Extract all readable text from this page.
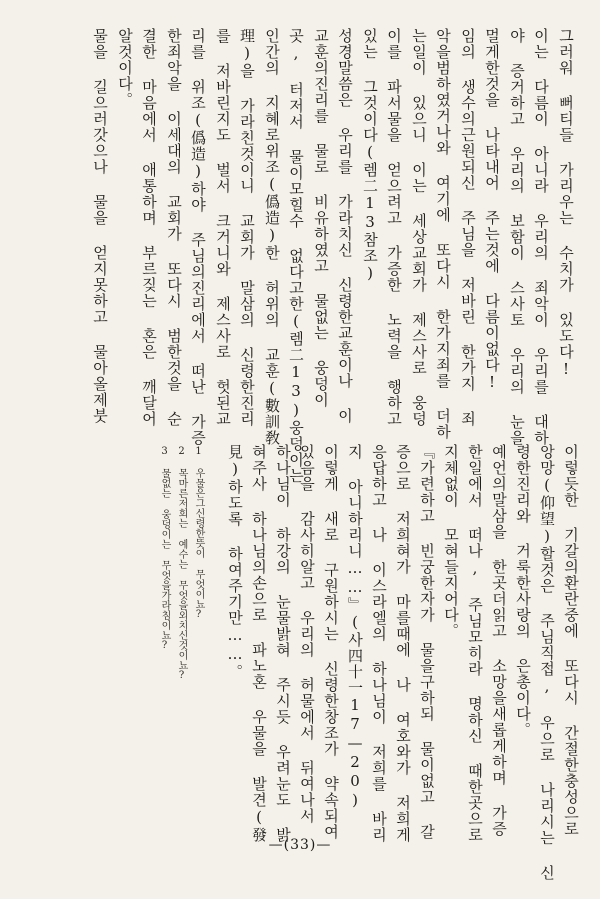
그러워 뻐티들 가리우는 수치가 있도다!
이는 다름이 아니라 우리의 죄악이 우리를 대하
야 증거하고 우리의 보함이 스사토 우리의 눈을
멀게한것을 나타내어 주는것에 다름이없다!
임의 생수의근원되신 주님을 저바린 한가지 죄
악을범하였거나와 여기에 또다시 한가지죄를 더하
는일이 있으니 이는 세상교회가 제스사로 웅덩
이를 파서물을 얻으려고 가증한 노력을 행하고
있는 그것이다(렘二13참조)
성경말씀은 우리를 가라치신 신령한교훈이나 이
교훈의진리를 물로 비유하였고 물없는 웅덩이
곳, 터저서 물이모힐수 없다고한(렘二13)웅덩이는
인간의 지혜로위조(僞造)한 허위의 교훈(數訓敎
理)을 가라친것이니 교회가 말삼의 신령한진리
를 저바린지도 벌서 크거니와 제스사로 헛된교
리를 위조(僞造)하야 주님의진리에서 떠난 가증
한죄악을 이세대의 교회가 또다시 범한것을 순
결한 마음에서 애통하며 부르짖는 혼은 깨달어
알것이다。
물을 길으러갓으나 물을 얻지못하고 물아올제붓
이렇듯한 기갈의환란중에 또다시 간절한충성으로
앙망(仰望)할것은 주님직접, 우으로 나리시는 신
령한진리와 거룩한사랑의 은총이다。
예언의말삼을 한곳더읽고 소망을새롭게하며 가증
한일에서 떠나, 주님모히라 명하신 때한곳으로
지체없이 모혀들지어다。
『가련하고 빈궁한자가 물을구하되 물이없고 갈
증으로 저희혀가 마를때에 나 여호와가 저희게
응답하고 나 이스라엘의 하나님이 저희를 바리
지 아니하리니……』(사四十一17—20)
이렇게 새로 구원하시는 신령한창조가 약속되여
있음을 감사히알고 우리의 허물에서 뒤여나서
하나님이 하강의 눈물밝혀 주시듯 우려눈도 밝
혀주사 하나님의손으로 파노혼 우물을 발견(發
見)하도록 하여주기만……。
1 우물은그신령한뜻이 무엇이뇨?
2 목마른저희는 예수는 무엇을외치신것이뇨?
3 물없는 웅덩이는 무엇을가라침이뇨?
—(33)—
